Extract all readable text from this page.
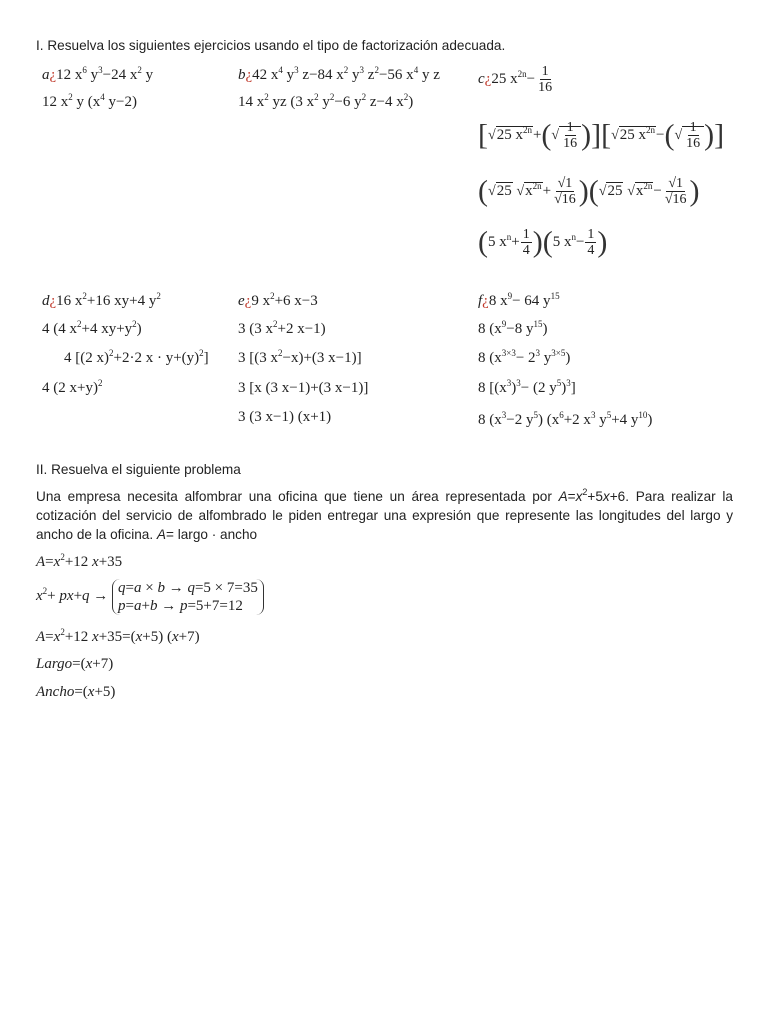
I. Resuelva los siguientes ejercicios usando el tipo de factorización adecuada.
a¿12 $x^6$ $y^3-24$ $x^2$ y
12 $x^2$ y ($x^4$ y−2)
b¿42 $x^4$ $y^3$ z−84 $x^2$ $y^3$ $z^2-56$ $x^4$ y z
14 $x^2$ yz (3 $x^2$ $y^2-6$ $y^2$ z−4 $x^2$)
c¿25 $x^{2n}- \frac{1}{16}$
[√25 $x^{2n}+(√ \frac{1}{16} )][√25$ $x^{2n}-(√ \frac{1}{16}$ )]
(√25 $√x^{2n}+ \frac{√1}{√16} )(√25$ $√x^{2n}- \frac{√1}{√16}$ )
(5 $x^n+ \frac{1}{4} )(5$ $x^n- \frac{1}{4}$ )
d¿16 $x^2+16$ xy+4 $y^2$
4 (4 $x^2+4$ $xy+y^2$)
4 [(2 x)$^2$+2·2 $x \cdot y+(y)^2$]
4 (2 x+y)$^2$
e¿9 $x^2+6$ x−3
3 (3 $x^2+2$ x−1)
3 [(3 $x^2-x)+(3$ x−1)]
3 [x (3 x−1)+(3 x−1)]
3 (3 x−1) (x+1)
f¿8 $x^9- 64$ $y^{15}$
8 ($x^9-8$ $y^{15}$)
8 ($x^{3\times 3}- 2^3$ $y^{3\times 5}$)
8 [$(x^3)^3- (2$ $y^5)^3$]
8 ($x^3-2$ $y^5$) ($x^6+2$ $x^3$ $y^5+4$ $y^{10}$)
II. Resuelva el siguiente problema
Una empresa necesita alfombrar una oficina que tiene un área representada por $A=x^2+5x+6$. Para realizar la cotización del servicio de alfombrado le piden entregar una expresión que represente las longitudes del largo y ancho de la oficina. A= largo · ancho
$A=x^2+12$ x+35
$x^2+ px+q \to q=a \times b \to q=5 \times 7=35$
p=a+b → p=5+7=12
$A=x^2+12$ x+35=(x+5) (x+7)
Largo=(x+7)
Ancho=(x+5)
